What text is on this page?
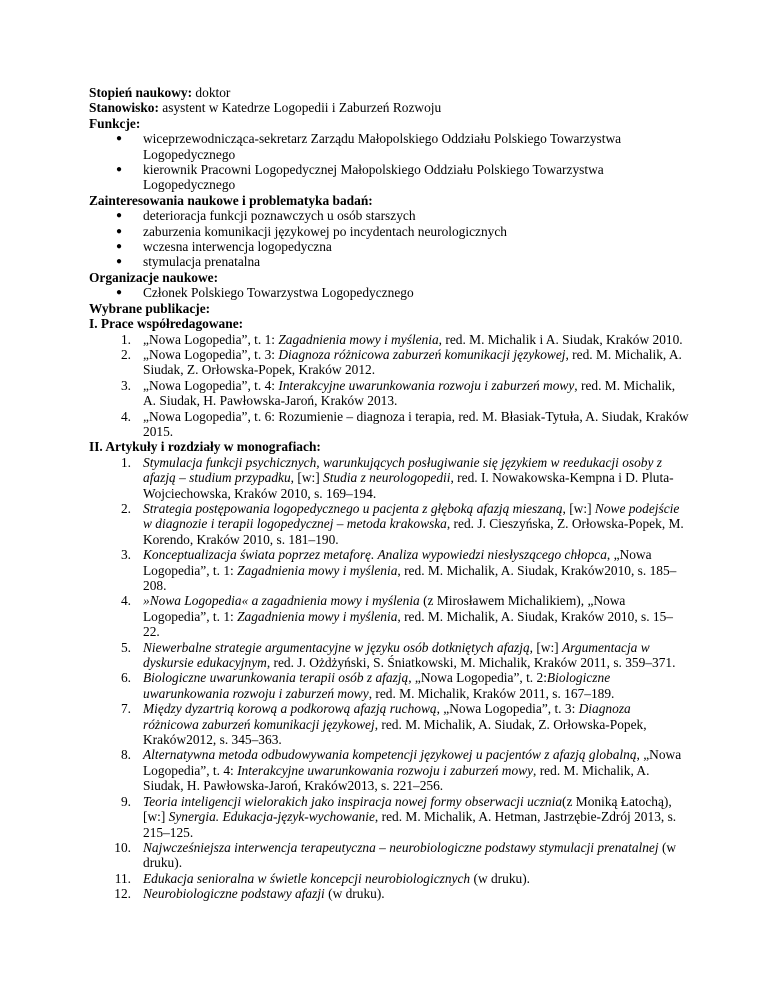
Stopień naukowy: doktor

Stanowisko: asystent w Katedrze Logopedii i Zaburzeń Rozwoju

Funkcje:

●	wiceprzewodnicząca-sekretarz Zarządu Małopolskiego Oddziału Polskiego Towarzystwa Logopedycznego
●	kierownik Pracowni Logopedycznej Małopolskiego Oddziału Polskiego Towarzystwa Logopedycznego

Zainteresowania naukowe i problematyka badań:

●	deterioracja funkcji poznawczych u osób starszych
●	zaburzenia komunikacji językowej po incydentach neurologicznych
●	wczesna interwencja logopedyczna
●	stymulacja prenatalna

Organizacje naukowe:

●	Członek Polskiego Towarzystwa Logopedycznego

Wybrane publikacje:

I. Prace współredagowane:

1. „Nowa Logopedia”, t. 1: Zagadnienia mowy i myślenia, red. M. Michalik i A. Siudak, Kraków 2010.
2. „Nowa Logopedia”, t. 3: Diagnoza różnicowa zaburzeń komunikacji językowej, red. M. Michalik, A. Siudak, Z. Orłowska-Popek, Kraków 2012.
3. „Nowa Logopedia”, t. 4: Interakcyjne uwarunkowania rozwoju i zaburzeń mowy, red. M. Michalik, A. Siudak, H. Pawłowska-Jaroń, Kraków 2013.
4. „Nowa Logopedia”, t. 6: Rozumienie – diagnoza i terapia, red. M. Błasiak-Tytuła, A. Siudak, Kraków 2015.

II. Artykuły i rozdziały w monografiach:

1. Stymulacja funkcji psychicznych, warunkujących posługiwanie się językiem w reedukacji osoby z afazją – studium przypadku, [w:] Studia z neurologopedii, red. I. Nowakowska-Kempna i D. Pluta-Wojciechowska, Kraków 2010, s. 169–194.
2. Strategia postępowania logopedycznego u pacjenta z głęboką afazją mieszaną, [w:] Nowe podejście w diagnozie i terapii logopedycznej – metoda krakowska, red. J. Cieszyńska, Z. Orłowska-Popek, M. Korendo, Kraków 2010, s. 181–190.
3. Konceptualizacja świata poprzez metaforę. Analiza wypowiedzi niesłyszącego chłopca, „Nowa Logopedia”, t. 1: Zagadnienia mowy i myślenia, red. M. Michalik, A. Siudak, Kraków2010, s. 185–208.
4. »Nowa Logopedia« a zagadnienia mowy i myślenia (z Mirosławem Michalikiem), „Nowa Logopedia”, t. 1: Zagadnienia mowy i myślenia, red. M. Michalik, A. Siudak, Kraków 2010, s. 15–22.
5. Niewerbalne strategie argumentacyjne w języku osób dotkniętych afazją, [w:] Argumentacja w dyskursie edukacyjnym, red. J. Ożdżyński, S. Śniatkowski, M. Michalik, Kraków 2011, s. 359–371.
6. Biologiczne uwarunkowania terapii osób z afazją, „Nowa Logopedia”, t. 2:Biologiczne uwarunkowania rozwoju i zaburzeń mowy, red. M. Michalik, Kraków 2011, s. 167–189.
7. Między dyzartrią korową a podkorową afazją ruchową, „Nowa Logopedia”, t. 3: Diagnoza różnicowa zaburzeń komunikacji językowej, red. M. Michalik, A. Siudak, Z. Orłowska-Popek, Kraków2012, s. 345–363.
8. Alternatywna metoda odbudowywania kompetencji językowej u pacjentów z afazją globalną, „Nowa Logopedia”, t. 4: Interakcyjne uwarunkowania rozwoju i zaburzeń mowy, red. M. Michalik, A. Siudak, H. Pawłowska-Jaroń, Kraków2013, s. 221–256.
9. Teoria inteligencji wielorakich jako inspiracja nowej formy obserwacji ucznia(z Moniką Łatochą), [w:] Synergia. Edukacja-język-wychowanie, red. M. Michalik, A. Hetman, Jastrzębie-Zdrój 2013, s. 215–125.
10. Najwcześniejsza interwencja terapeutyczna – neurobiologiczne podstawy stymulacji prenatalnej (w druku).
11. Edukacja senioralna w świetle koncepcji neurobiologicznych (w druku).
12. Neurobiologiczne podstawy afazji (w druku).
